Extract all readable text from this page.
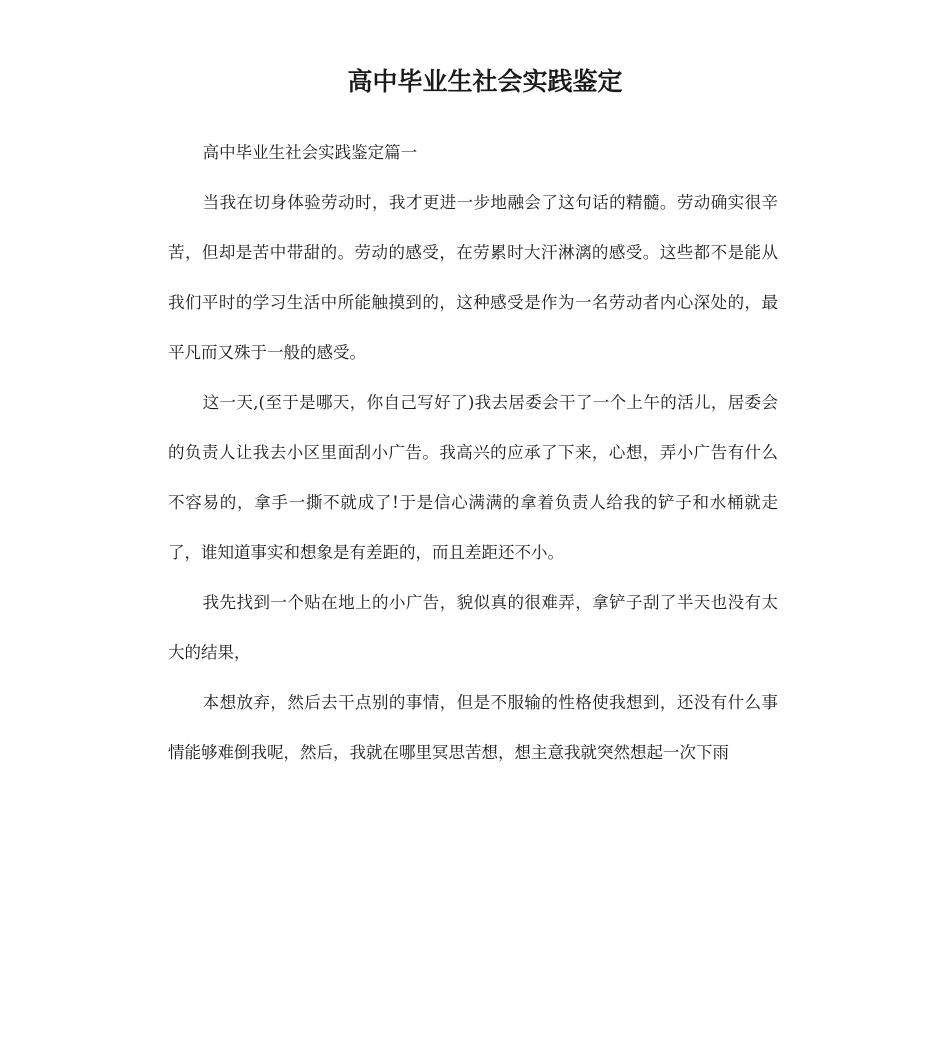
高中毕业生社会实践鉴定

高中毕业生社会实践鉴定篇一

当我在切身体验劳动时，我才更进一步地融会了这句话的精髓。劳动确实很辛苦，但却是苦中带甜的。劳动的感受，在劳累时大汗淋漓的感受。这些都不是能从我们平时的学习生活中所能触摸到的，这种感受是作为一名劳动者内心深处的，最平凡而又殊于一般的感受。

这一天,(至于是哪天，你自己写好了)我去居委会干了一个上午的活儿，居委会的负责人让我去小区里面刮小广告。我高兴的应承了下来，心想，弄小广告有什么不容易的，拿手一撕不就成了!于是信心满满的拿着负责人给我的铲子和水桶就走了，谁知道事实和想象是有差距的，而且差距还不小。

我先找到一个贴在地上的小广告，貌似真的很难弄，拿铲子刮了半天也没有太大的结果，

本想放弃，然后去干点别的事情，但是不服输的性格使我想到，还没有什么事情能够难倒我呢，然后，我就在哪里冥思苦想，想主意我就突然想起一次下雨
